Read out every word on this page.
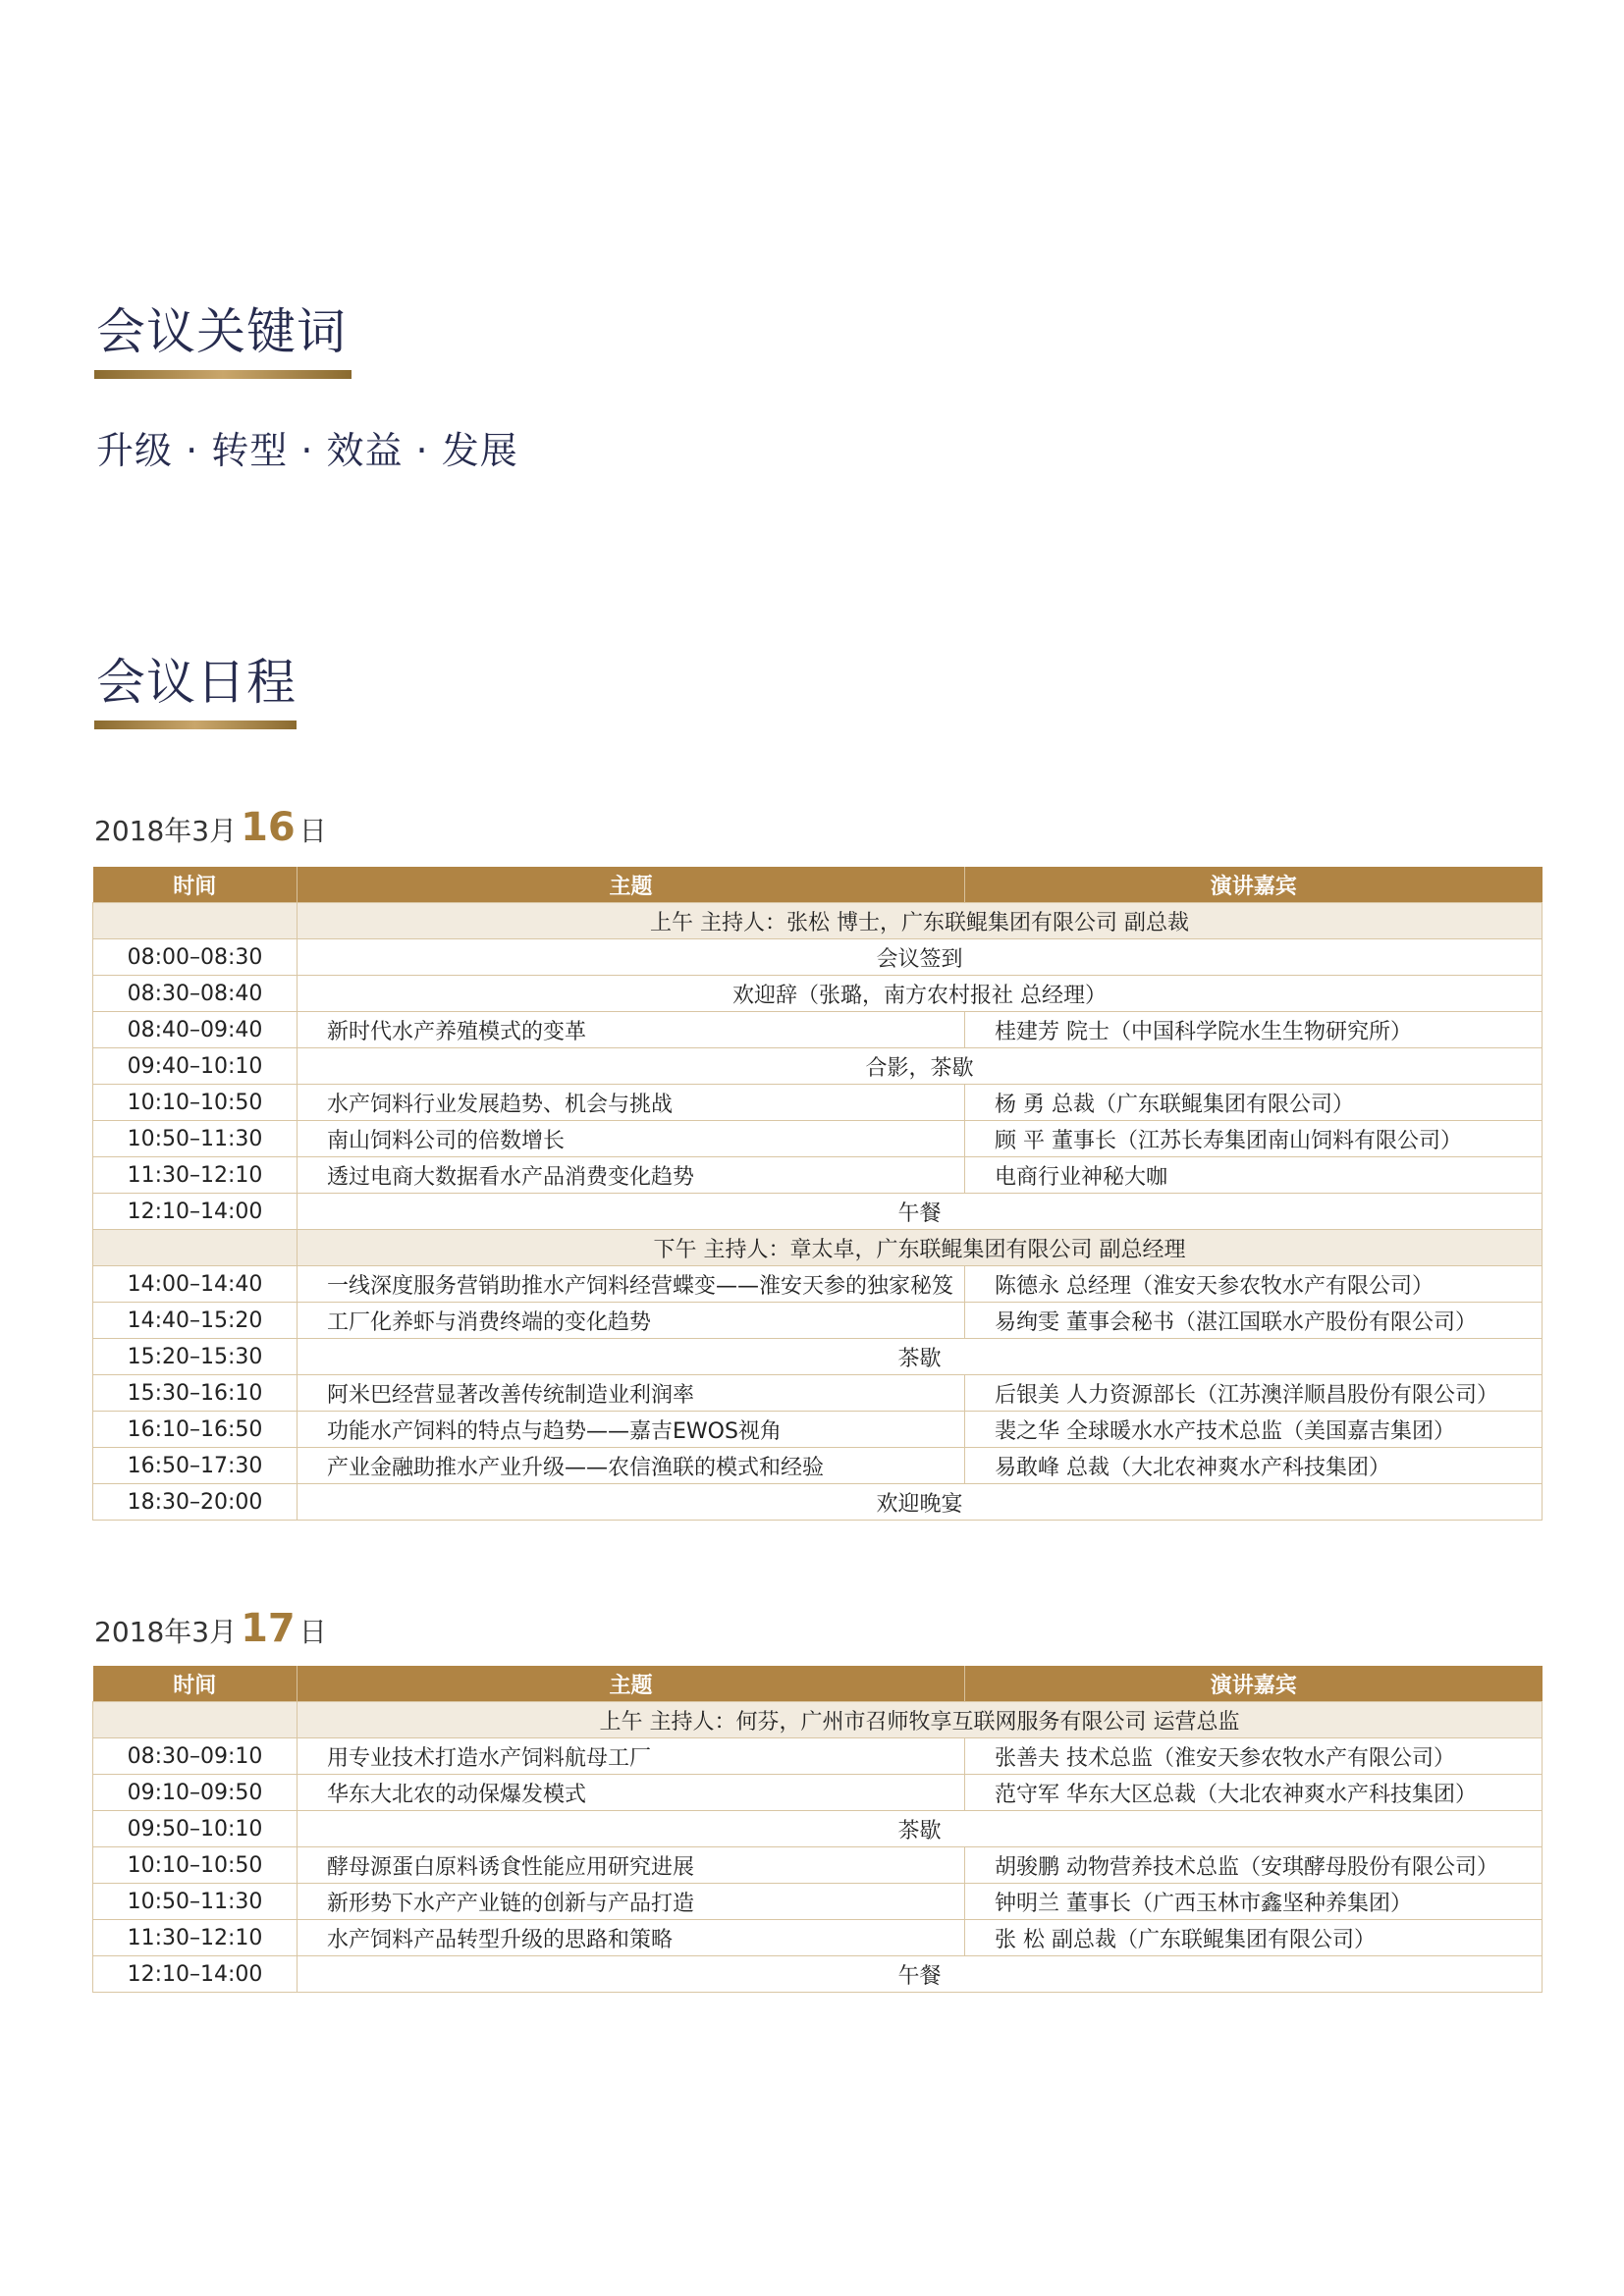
会议关键词
升级 · 转型 · 效益 · 发展
会议日程
2018年3月 16 日
时间	主题	演讲嘉宾
	上午 主持人：张松 博士，广东联鲲集团有限公司 副总裁	
08:00–08:30	会议签到	
08:30–08:40	欢迎辞（张璐，南方农村报社 总经理）	
08:40–09:40	新时代水产养殖模式的变革	桂建芳 院士（中国科学院水生生物研究所）
09:40–10:10	合影，茶歇	
10:10–10:50	水产饲料行业发展趋势、机会与挑战	杨 勇 总裁（广东联鲲集团有限公司）
10:50–11:30	南山饲料公司的倍数增长	顾 平 董事长（江苏长寿集团南山饲料有限公司）
11:30–12:10	透过电商大数据看水产品消费变化趋势	电商行业神秘大咖
12:10–14:00	午餐	
	下午 主持人：章太卓，广东联鲲集团有限公司 副总经理	
14:00–14:40	一线深度服务营销助推水产饲料经营蝶变——淮安天参的独家秘笈	陈德永 总经理（淮安天参农牧水产有限公司）
14:40–15:20	工厂化养虾与消费终端的变化趋势	易绚雯 董事会秘书（湛江国联水产股份有限公司）
15:20–15:30	茶歇	
15:30–16:10	阿米巴经营显著改善传统制造业利润率	后银美 人力资源部长（江苏澳洋顺昌股份有限公司）
16:10–16:50	功能水产饲料的特点与趋势——嘉吉EWOS视角	裴之华 全球暖水水产技术总监（美国嘉吉集团）
16:50–17:30	产业金融助推水产业升级——农信渔联的模式和经验	易敢峰 总裁（大北农神爽水产科技集团）
18:30–20:00	欢迎晚宴	
2018年3月 17 日
时间	主题	演讲嘉宾
	上午 主持人：何芬，广州市召师牧享互联网服务有限公司 运营总监	
08:30–09:10	用专业技术打造水产饲料航母工厂	张善夫 技术总监（淮安天参农牧水产有限公司）
09:10–09:50	华东大北农的动保爆发模式	范守军 华东大区总裁（大北农神爽水产科技集团）
09:50–10:10	茶歇	
10:10–10:50	酵母源蛋白原料诱食性能应用研究进展	胡骏鹏 动物营养技术总监（安琪酵母股份有限公司）
10:50–11:30	新形势下水产产业链的创新与产品打造	钟明兰 董事长（广西玉林市鑫坚种养集团）
11:30–12:10	水产饲料产品转型升级的思路和策略	张 松 副总裁（广东联鲲集团有限公司）
12:10–14:00	午餐	
